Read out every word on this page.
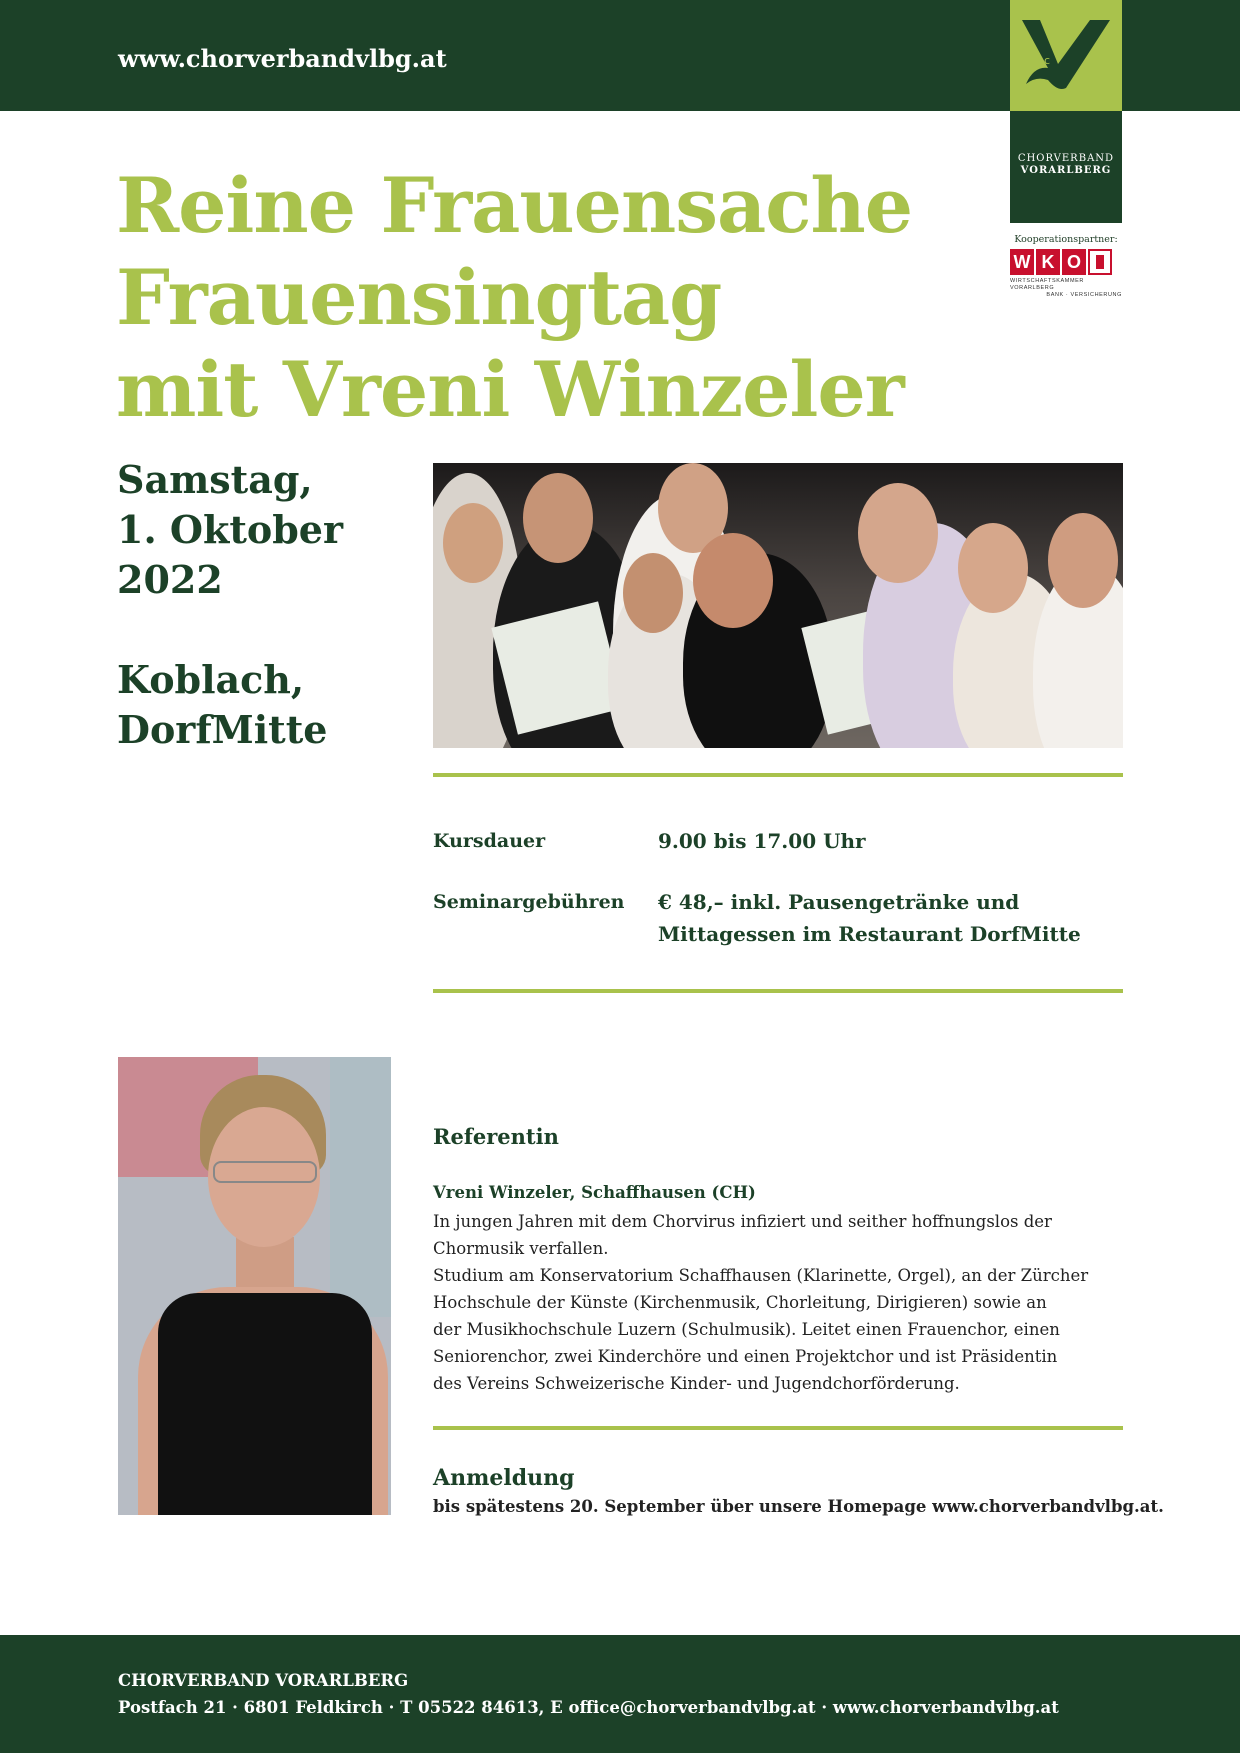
www.chorverbandvlbg.at	c
CHORVERBAND
VORARLBERG
Kooperationspartner:
W K O
WIRTSCHAFTSKAMMER VORARLBERG
BANK · VERSICHERUNG
Reine Frauensache
Frauensingtag
mit Vreni Winzeler
Samstag,
1. Oktober 2022
Koblach,
DorfMitte
Kursdauer	9.00 bis 17.00 Uhr
Seminargebühren	€ 48,– inkl. Pausengetränke und Mittagessen im Restaurant DorfMitte
Referentin
Vreni Winzeler, Schaffhausen (CH)
In jungen Jahren mit dem Chorvirus infiziert und seither hoffnungslos der
Chormusik verfallen.
Studium am Konservatorium Schaffhausen (Klarinette, Orgel), an der Zürcher
Hochschule der Künste (Kirchenmusik, Chorleitung, Dirigieren) sowie an
der Musikhochschule Luzern (Schulmusik). Leitet einen Frauenchor, einen
Seniorenchor, zwei Kinderchöre und einen Projektchor und ist Präsidentin
des Vereins Schweizerische Kinder- und Jugendchorförderung.
Anmeldung
bis spätestens 20. September über unsere Homepage www.chorverbandvlbg.at.
CHORVERBAND VORARLBERG
Postfach 21 · 6801 Feldkirch · T 05522 84613, E office@chorverbandvlbg.at · www.chorverbandvlbg.at
